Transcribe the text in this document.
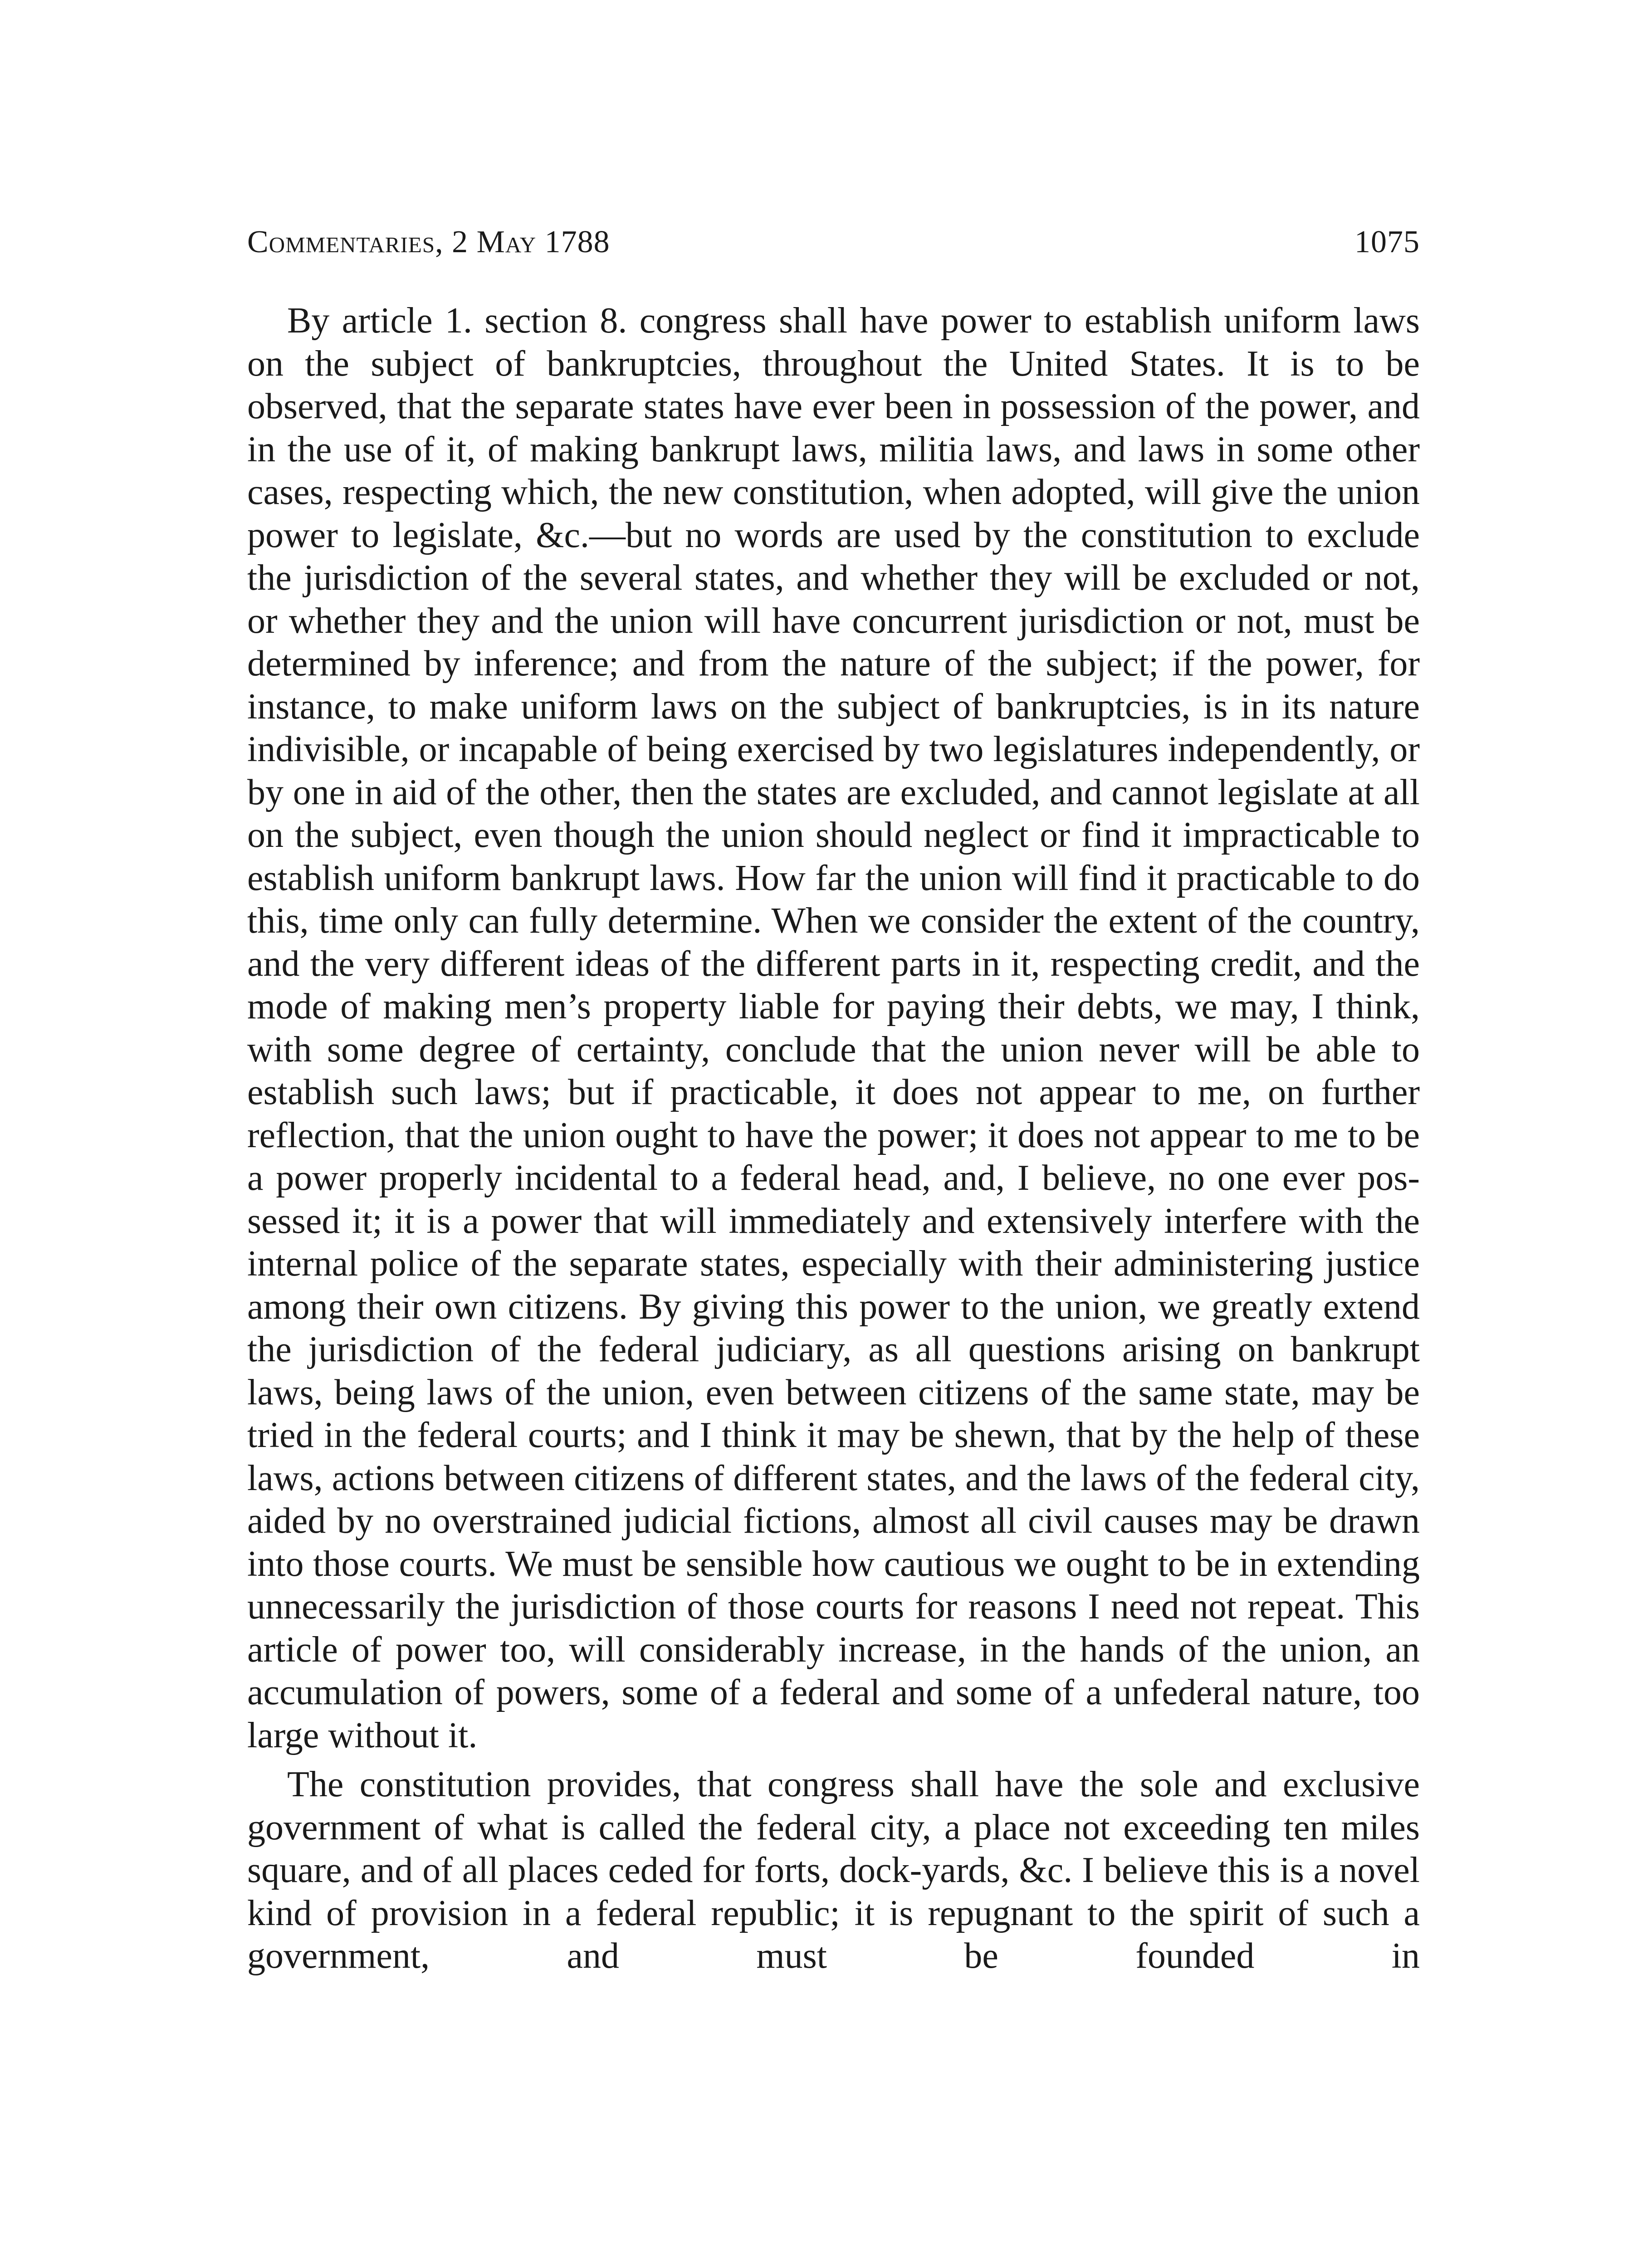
Commentaries, 2 May 1788	1075

By article 1. section 8. congress shall have power to establish uniform laws on the subject of bankruptcies, throughout the United States. It is to be observed, that the separate states have ever been in possession of the power, and in the use of it, of making bankrupt laws, militia laws, and laws in some other cases, respecting which, the new constitution, when adopted, will give the union power to legislate, &c.—but no words are used by the constitution to exclude the jurisdiction of the several states, and whether they will be excluded or not, or whether they and the union will have concurrent jurisdiction or not, must be determined by inference; and from the nature of the subject; if the power, for instance, to make uniform laws on the subject of bankruptcies, is in its nature indivisible, or incapable of being exercised by two legislatures independently, or by one in aid of the other, then the states are excluded, and cannot legislate at all on the subject, even though the union should neglect or find it impracticable to establish uniform bankrupt laws. How far the union will find it practicable to do this, time only can fully determine. When we consider the extent of the country, and the very different ideas of the different parts in it, respecting credit, and the mode of making men’s property liable for paying their debts, we may, I think, with some degree of certainty, conclude that the union never will be able to establish such laws; but if practicable, it does not appear to me, on further reflection, that the union ought to have the power; it does not appear to me to be a power properly incidental to a federal head, and, I believe, no one ever possessed it; it is a power that will immediately and extensively interfere with the internal police of the separate states, especially with their administering justice among their own citizens. By giving this power to the union, we greatly extend the jurisdiction of the federal judiciary, as all questions arising on bankrupt laws, being laws of the union, even between citizens of the same state, may be tried in the federal courts; and I think it may be shewn, that by the help of these laws, actions between citizens of different states, and the laws of the federal city, aided by no overstrained judicial fictions, almost all civil causes may be drawn into those courts. We must be sensible how cautious we ought to be in extending unnecessarily the jurisdiction of those courts for reasons I need not repeat. This article of power too, will considerably increase, in the hands of the union, an accumulation of powers, some of a federal and some of a unfederal nature, too large without it.

The constitution provides, that congress shall have the sole and exclusive government of what is called the federal city, a place not exceeding ten miles square, and of all places ceded for forts, dock-yards, &c. I believe this is a novel kind of provision in a federal republic; it is repugnant to the spirit of such a government, and must be founded in
